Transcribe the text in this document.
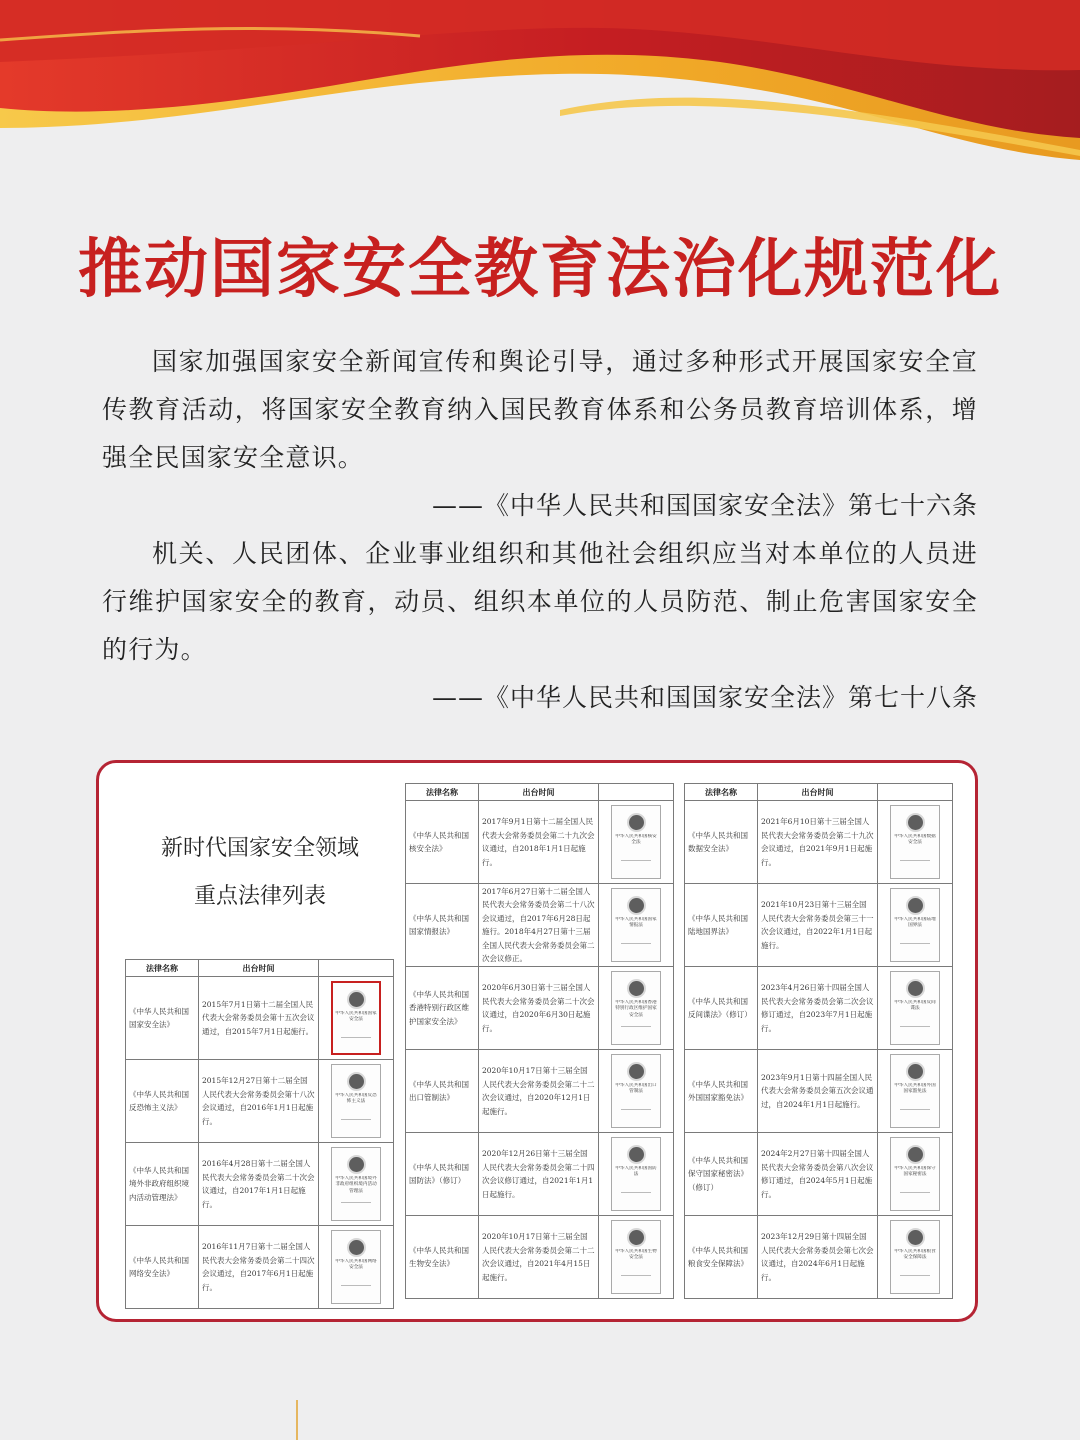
推动国家安全教育法治化规范化
国家加强国家安全新闻宣传和舆论引导，通过多种形式开展国家安全宣传教育活动，将国家安全教育纳入国民教育体系和公务员教育培训体系，增强全民国家安全意识。
——《中华人民共和国国家安全法》第七十六条
机关、人民团体、企业事业组织和其他社会组织应当对本单位的人员进行维护国家安全的教育，动员、组织本单位的人员防范、制止危害国家安全的行为。
——《中华人民共和国国家安全法》第七十八条
新时代国家安全领域
重点法律列表
法律名称	出台时间	
《中华人民共和国国家安全法》	2015年7月1日第十二届全国人民代表大会常务委员会第十五次会议通过，自2015年7月1日起施行。	中华人民共和国国家安全法

《中华人民共和国反恐怖主义法》	2015年12月27日第十二届全国人民代表大会常务委员会第十八次会议通过，自2016年1月1日起施行。	中华人民共和国反恐怖主义法

《中华人民共和国境外非政府组织境内活动管理法》	2016年4月28日第十二届全国人民代表大会常务委员会第二十次会议通过，自2017年1月1日起施行。	中华人民共和国境外非政府组织境内活动管理法

《中华人民共和国网络安全法》	2016年11月7日第十二届全国人民代表大会常务委员会第二十四次会议通过，自2017年6月1日起施行。	中华人民共和国网络安全法
法律名称	出台时间	
《中华人民共和国核安全法》	2017年9月1日第十二届全国人民代表大会常务委员会第二十九次会议通过，自2018年1月1日起施行。	中华人民共和国核安全法

《中华人民共和国国家情报法》	2017年6月27日第十二届全国人民代表大会常务委员会第二十八次会议通过，自2017年6月28日起施行。2018年4月27日第十三届全国人民代表大会常务委员会第二次会议修正。	中华人民共和国国家情报法

《中华人民共和国香港特别行政区维护国家安全法》	2020年6月30日第十三届全国人民代表大会常务委员会第二十次会议通过，自2020年6月30日起施行。	中华人民共和国香港特别行政区维护国家安全法

《中华人民共和国出口管制法》	2020年10月17日第十三届全国人民代表大会常务委员会第二十二次会议通过，自2020年12月1日起施行。	中华人民共和国出口管制法

《中华人民共和国国防法》（修订）	2020年12月26日第十三届全国人民代表大会常务委员会第二十四次会议修订通过，自2021年1月1日起施行。	中华人民共和国国防法

《中华人民共和国生物安全法》	2020年10月17日第十三届全国人民代表大会常务委员会第二十二次会议通过，自2021年4月15日起施行。	中华人民共和国生物安全法
法律名称	出台时间	
《中华人民共和国数据安全法》	2021年6月10日第十三届全国人民代表大会常务委员会第二十九次会议通过，自2021年9月1日起施行。	中华人民共和国数据安全法

《中华人民共和国陆地国界法》	2021年10月23日第十三届全国人民代表大会常务委员会第三十一次会议通过，自2022年1月1日起施行。	中华人民共和国陆地国界法

《中华人民共和国反间谍法》（修订）	2023年4月26日第十四届全国人民代表大会常务委员会第二次会议修订通过，自2023年7月1日起施行。	中华人民共和国反间谍法

《中华人民共和国外国国家豁免法》	2023年9月1日第十四届全国人民代表大会常务委员会第五次会议通过，自2024年1月1日起施行。	中华人民共和国外国国家豁免法

《中华人民共和国保守国家秘密法》（修订）	2024年2月27日第十四届全国人民代表大会常务委员会第八次会议修订通过，自2024年5月1日起施行。	中华人民共和国保守国家秘密法

《中华人民共和国粮食安全保障法》	2023年12月29日第十四届全国人民代表大会常务委员会第七次会议通过，自2024年6月1日起施行。	中华人民共和国粮食安全保障法
